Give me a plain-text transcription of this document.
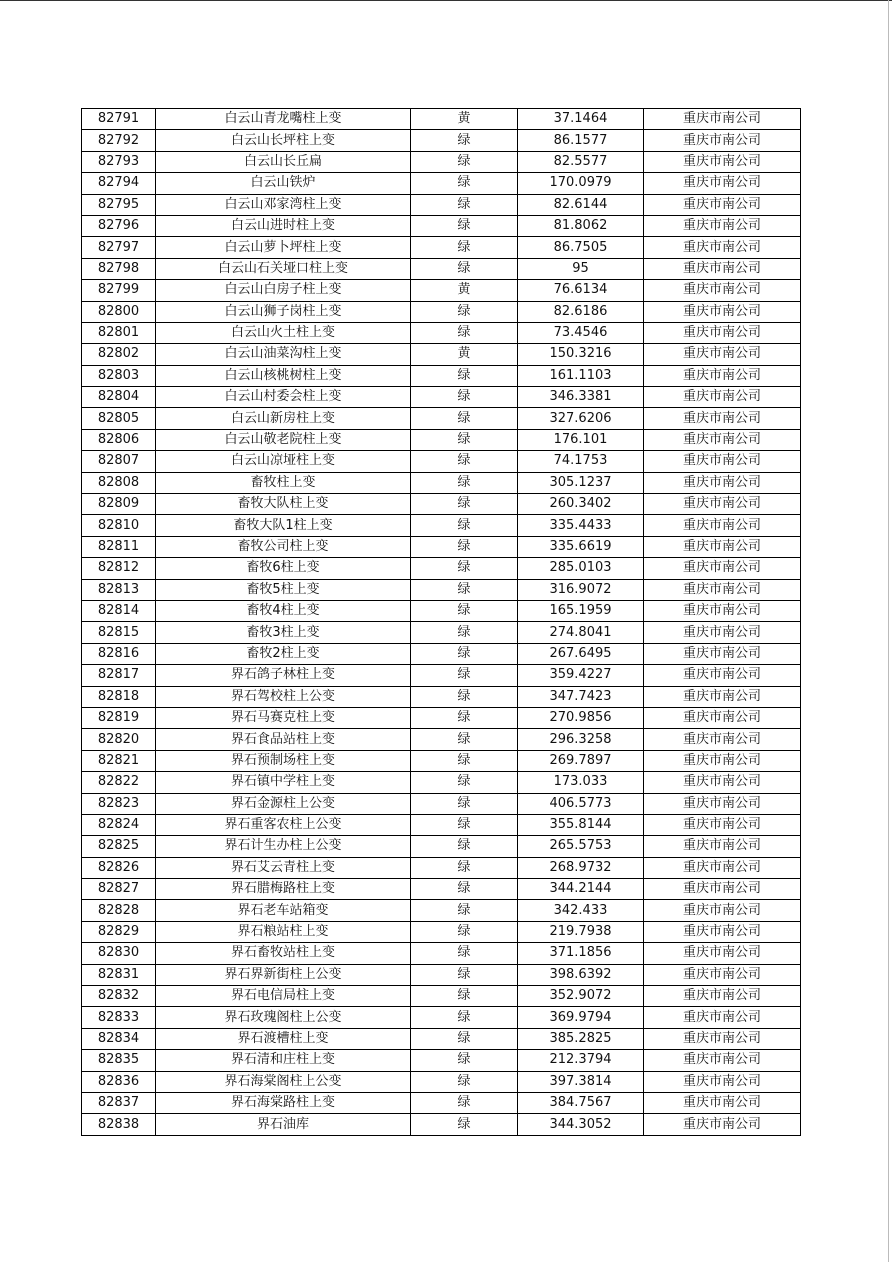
82791	白云山青龙嘴柱上变	黄	37.1464	重庆市南公司
82792	白云山长坪柱上变	绿	86.1577	重庆市南公司
82793	白云山长丘扁	绿	82.5577	重庆市南公司
82794	白云山铁炉	绿	170.0979	重庆市南公司
82795	白云山邓家湾柱上变	绿	82.6144	重庆市南公司
82796	白云山进时柱上变	绿	81.8062	重庆市南公司
82797	白云山萝卜坪柱上变	绿	86.7505	重庆市南公司
82798	白云山石关垭口柱上变	绿	95	重庆市南公司
82799	白云山白房子柱上变	黄	76.6134	重庆市南公司
82800	白云山狮子岗柱上变	绿	82.6186	重庆市南公司
82801	白云山火土柱上变	绿	73.4546	重庆市南公司
82802	白云山油菜沟柱上变	黄	150.3216	重庆市南公司
82803	白云山核桃树柱上变	绿	161.1103	重庆市南公司
82804	白云山村委会柱上变	绿	346.3381	重庆市南公司
82805	白云山新房柱上变	绿	327.6206	重庆市南公司
82806	白云山敬老院柱上变	绿	176.101	重庆市南公司
82807	白云山凉垭柱上变	绿	74.1753	重庆市南公司
82808	畜牧柱上变	绿	305.1237	重庆市南公司
82809	畜牧大队柱上变	绿	260.3402	重庆市南公司
82810	畜牧大队1柱上变	绿	335.4433	重庆市南公司
82811	畜牧公司柱上变	绿	335.6619	重庆市南公司
82812	畜牧6柱上变	绿	285.0103	重庆市南公司
82813	畜牧5柱上变	绿	316.9072	重庆市南公司
82814	畜牧4柱上变	绿	165.1959	重庆市南公司
82815	畜牧3柱上变	绿	274.8041	重庆市南公司
82816	畜牧2柱上变	绿	267.6495	重庆市南公司
82817	界石鸽子林柱上变	绿	359.4227	重庆市南公司
82818	界石驾校柱上公变	绿	347.7423	重庆市南公司
82819	界石马赛克柱上变	绿	270.9856	重庆市南公司
82820	界石食品站柱上变	绿	296.3258	重庆市南公司
82821	界石预制场柱上变	绿	269.7897	重庆市南公司
82822	界石镇中学柱上变	绿	173.033	重庆市南公司
82823	界石金源柱上公变	绿	406.5773	重庆市南公司
82824	界石重客农柱上公变	绿	355.8144	重庆市南公司
82825	界石计生办柱上公变	绿	265.5753	重庆市南公司
82826	界石艾云青柱上变	绿	268.9732	重庆市南公司
82827	界石腊梅路柱上变	绿	344.2144	重庆市南公司
82828	界石老车站箱变	绿	342.433	重庆市南公司
82829	界石粮站柱上变	绿	219.7938	重庆市南公司
82830	界石畜牧站柱上变	绿	371.1856	重庆市南公司
82831	界石界新街柱上公变	绿	398.6392	重庆市南公司
82832	界石电信局柱上变	绿	352.9072	重庆市南公司
82833	界石玫瑰阁柱上公变	绿	369.9794	重庆市南公司
82834	界石渡槽柱上变	绿	385.2825	重庆市南公司
82835	界石清和庄柱上变	绿	212.3794	重庆市南公司
82836	界石海棠阁柱上公变	绿	397.3814	重庆市南公司
82837	界石海棠路柱上变	绿	384.7567	重庆市南公司
82838	界石油库	绿	344.3052	重庆市南公司
